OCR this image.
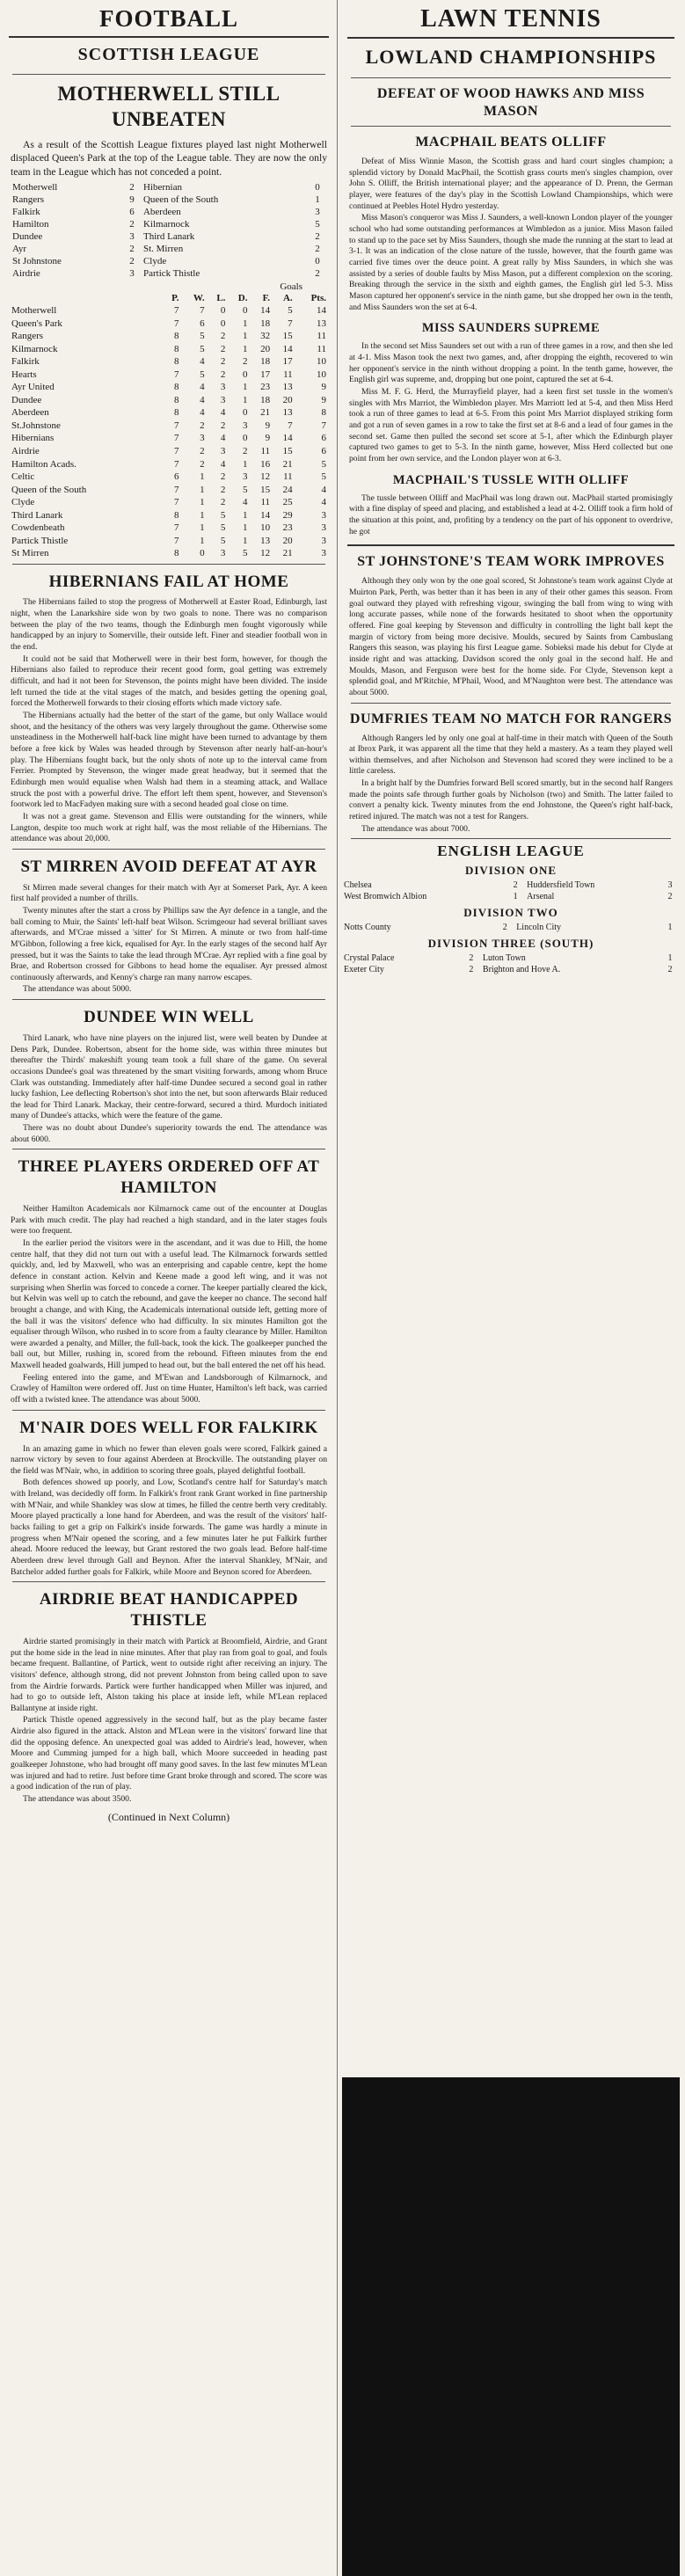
FOOTBALL
SCOTTISH LEAGUE
MOTHERWELL STILL UNBEATEN

As a result of the Scottish League fixtures played last night Motherwell displaced Queen's Park at the top of the League table. They are now the only team in the League which has not conceded a point.

Motherwell	2	Hibernian	0
Rangers	9	Queen of the South	1
Falkirk	6	Aberdeen	3
Hamilton	2	Kilmarnock	5
Dundee	3	Third Lanark	2
Ayr	2	St. Mirren	2
St Johnstone	2	Clyde	0
Airdrie	3	Partick Thistle	2
Goals
	P.	W.	L.	D.	F.	A.	Pts.
Motherwell	7	7	0	0	14	5	14
Queen's Park	7	6	0	1	18	7	13
Rangers	8	5	2	1	32	15	11
Kilmarnock	8	5	2	1	20	14	11
Falkirk	8	4	2	2	18	17	10
Hearts	7	5	2	0	17	11	10
Ayr United	8	4	3	1	23	13	9
Dundee	8	4	3	1	18	20	9
Aberdeen	8	4	4	0	21	13	8
St.Johnstone	7	2	2	3	9	7	7
Hibernians	7	3	4	0	9	14	6
Airdrie	7	2	3	2	11	15	6
Hamilton Acads.	7	2	4	1	16	21	5
Celtic	6	1	2	3	12	11	5
Queen of the South	7	1	2	5	15	24	4
Clyde	7	1	2	4	11	25	4
Third Lanark	8	1	5	1	14	29	3
Cowdenbeath	7	1	5	1	10	23	3
Partick Thistle	7	1	5	1	13	20	3
St Mirren	8	0	3	5	12	21	3
HIBERNIANS FAIL AT HOME

The Hibernians failed to stop the progress of Motherwell at Easter Road, Edinburgh, last night, when the Lanarkshire side won by two goals to none. There was no comparison between the play of the two teams, though the Edinburgh men fought vigorously while handicapped by an injury to Somerville, their outside left. Finer and steadier football won in the end.

It could not be said that Motherwell were in their best form, however, for though the Hibernians also failed to reproduce their recent good form, goal getting was extremely difficult, and had it not been for Stevenson, the points might have been divided. The inside left turned the tide at the vital stages of the match, and besides getting the opening goal, forced the Motherwell forwards to their closing efforts which made victory safe.

The Hibernians actually had the better of the start of the game, but only Wallace would shoot, and the hesitancy of the others was very largely throughout the game. Otherwise some unsteadiness in the Motherwell half-back line might have been turned to advantage by them before a free kick by Wales was headed through by Stevenson after nearly half-an-hour's play. The Hibernians fought back, but the only shots of note up to the interval came from Ferrier. Prompted by Stevenson, the winger made great headway, but it seemed that the Edinburgh men would equalise when Walsh had them in a steaming attack, and Wallace struck the post with a powerful drive. The effort left them spent, however, and Stevenson's footwork led to MacFadyen making sure with a second headed goal close on time.

It was not a great game. Stevenson and Ellis were outstanding for the winners, while Langton, despite too much work at right half, was the most reliable of the Hibernians. The attendance was about 20,000.

ST MIRREN AVOID DEFEAT AT AYR

St Mirren made several changes for their match with Ayr at Somerset Park, Ayr. A keen first half provided a number of thrills.

Twenty minutes after the start a cross by Phillips saw the Ayr defence in a tangle, and the ball coming to Muir, the Saints' left-half beat Wilson. Scrimgeour had several brilliant saves afterwards, and M'Crae missed a 'sitter' for St Mirren. A minute or two from half-time M'Gibbon, following a free kick, equalised for Ayr. In the early stages of the second half Ayr pressed, but it was the Saints to take the lead through M'Crae. Ayr replied with a fine goal by Brae, and Robertson crossed for Gibbons to head home the equaliser. Ayr pressed almost continuously afterwards, and Kenny's charge ran many narrow escapes.

The attendance was about 5000.

DUNDEE WIN WELL

Third Lanark, who have nine players on the injured list, were well beaten by Dundee at Dens Park, Dundee. Robertson, absent for the home side, was within three minutes but thereafter the Thirds' makeshift young team took a full share of the game. On several occasions Dundee's goal was threatened by the smart visiting forwards, among whom Bruce Clark was outstanding. Immediately after half-time Dundee secured a second goal in rather lucky fashion, Lee deflecting Robertson's shot into the net, but soon afterwards Blair reduced the lead for Third Lanark. Mackay, their centre-forward, secured a third. Murdoch initiated many of Dundee's attacks, which were the feature of the game.

There was no doubt about Dundee's superiority towards the end. The attendance was about 6000.

THREE PLAYERS ORDERED OFF AT HAMILTON

Neither Hamilton Academicals nor Kilmarnock came out of the encounter at Douglas Park with much credit. The play had reached a high standard, and in the later stages fouls were too frequent.

In the earlier period the visitors were in the ascendant, and it was due to Hill, the home centre half, that they did not turn out with a useful lead. The Kilmarnock forwards settled quickly, and, led by Maxwell, who was an enterprising and capable centre, kept the home defence in constant action. Kelvin and Keene made a good left wing, and it was not surprising when Sherlin was forced to concede a corner. The keeper partially cleared the kick, but Kelvin was well up to catch the rebound, and gave the keeper no chance. The second half brought a change, and with King, the Academicals international outside left, getting more of the ball it was the visitors' defence who had difficulty. In six minutes Hamilton got the equaliser through Wilson, who rushed in to score from a faulty clearance by Miller. Hamilton were awarded a penalty, and Miller, the full-back, took the kick. The goalkeeper punched the ball out, but Miller, rushing in, scored from the rebound. Fifteen minutes from the end Maxwell headed goalwards, Hill jumped to head out, but the ball entered the net off his head.

Feeling entered into the game, and M'Ewan and Landsborough of Kilmarnock, and Crawley of Hamilton were ordered off. Just on time Hunter, Hamilton's left back, was carried off with a twisted knee. The attendance was about 5000.

M'NAIR DOES WELL FOR FALKIRK

In an amazing game in which no fewer than eleven goals were scored, Falkirk gained a narrow victory by seven to four against Aberdeen at Brockville. The outstanding player on the field was M'Nair, who, in addition to scoring three goals, played delightful football.

Both defences showed up poorly, and Low, Scotland's centre half for Saturday's match with Ireland, was decidedly off form. In Falkirk's front rank Grant worked in fine partnership with M'Nair, and while Shankley was slow at times, he filled the centre berth very creditably. Moore played practically a lone hand for Aberdeen, and was the result of the visitors' half-backs failing to get a grip on Falkirk's inside forwards. The game was hardly a minute in progress when M'Nair opened the scoring, and a few minutes later he put Falkirk further ahead. Moore reduced the leeway, but Grant restored the two goals lead. Before half-time Aberdeen drew level through Gall and Beynon. After the interval Shankley, M'Nair, and Batchelor added further goals for Falkirk, while Moore and Beynon scored for Aberdeen.

AIRDRIE BEAT HANDICAPPED THISTLE

Airdrie started promisingly in their match with Partick at Broomfield, Airdrie, and Grant put the home side in the lead in nine minutes. After that play ran from goal to goal, and fouls became frequent. Ballantine, of Partick, went to outside right after receiving an injury. The visitors' defence, although strong, did not prevent Johnston from being called upon to save from the Airdrie forwards. Partick were further handicapped when Miller was injured, and had to go to outside left, Alston taking his place at inside left, while M'Lean replaced Ballantyne at inside right.

Partick Thistle opened aggressively in the second half, but as the play became faster Airdrie also figured in the attack. Alston and M'Lean were in the visitors' forward line that did the opposing defence. An unexpected goal was added to Airdrie's lead, however, when Moore and Cumming jumped for a high ball, which Moore succeeded in heading past goalkeeper Johnstone, who had brought off many good saves. In the last few minutes M'Lean was injured and had to retire. Just before time Grant broke through and scored. The score was a good indication of the run of play.

The attendance was about 3500.

(Continued in Next Column)
LAWN TENNIS
LOWLAND CHAMPIONSHIPS
DEFEAT OF WOOD HAWKS AND MISS MASON
MACPHAIL BEATS OLLIFF

Defeat of Miss Winnie Mason, the Scottish grass and hard court singles champion; a splendid victory by Donald MacPhail, the Scottish grass courts men's singles champion, over John S. Olliff, the British international player; and the appearance of D. Prenn, the German player, were features of the day's play in the Scottish Lowland Championships, which were continued at Peebles Hotel Hydro yesterday.

Miss Mason's conqueror was Miss J. Saunders, a well-known London player of the younger school who had some outstanding performances at Wimbledon as a junior. Miss Mason failed to stand up to the pace set by Miss Saunders, though she made the running at the start to lead at 3-1. It was an indication of the close nature of the tussle, however, that the fourth game was carried five times over the deuce point. A great rally by Miss Saunders, in which she was assisted by a series of double faults by Miss Mason, put a different complexion on the scoring. Breaking through the service in the sixth and eighth games, the English girl led 5-3. Miss Mason captured her opponent's service in the ninth game, but she dropped her own in the tenth, and Miss Saunders won the set at 6-4.

MISS SAUNDERS SUPREME

In the second set Miss Saunders set out with a run of three games in a row, and then she led at 4-1. Miss Mason took the next two games, and, after dropping the eighth, recovered to win her opponent's service in the ninth without dropping a point. In the tenth game, however, the English girl was supreme, and, dropping but one point, captured the set at 6-4.

Miss M. F. G. Herd, the Murrayfield player, had a keen first set tussle in the women's singles with Mrs Marriot, the Wimbledon player. Mrs Marriott led at 5-4, and then Miss Herd took a run of three games to lead at 6-5. From this point Mrs Marriot displayed striking form and got a run of seven games in a row to take the first set at 8-6 and a lead of four games in the second set. Game then pulled the second set score at 5-1, after which the Edinburgh player captured two games to get to 5-3. In the ninth game, however, Miss Herd collected but one point from her own service, and the London player won at 6-3.

MACPHAIL'S TUSSLE WITH OLLIFF

The tussle between Olliff and MacPhail was long drawn out. MacPhail started promisingly with a fine display of speed and placing, and established a lead at 4-2. Olliff took a firm hold of the situation at this point, and, profiting by a tendency on the part of his opponent to overdrive, he got

ST JOHNSTONE'S TEAM WORK IMPROVES

Although they only won by the one goal scored, St Johnstone's team work against Clyde at Muirton Park, Perth, was better than it has been in any of their other games this season. From goal outward they played with refreshing vigour, swinging the ball from wing to wing with long accurate passes, while none of the forwards hesitated to shoot when the opportunity offered. Fine goal keeping by Stevenson and difficulty in controlling the light ball kept the margin of victory from being more decisive. Moulds, secured by Saints from Cambuslang Rangers this season, was playing his first League game. Sobieksi made his debut for Clyde at inside right and was attacking. Davidson scored the only goal in the second half. He and Moulds, Mason, and Ferguson were best for the home side. For Clyde, Stevenson kept a splendid goal, and M'Ritchie, M'Phail, Wood, and M'Naughton were best. The attendance was about 5000.

DUMFRIES TEAM NO MATCH FOR RANGERS

Although Rangers led by only one goal at half-time in their match with Queen of the South at Ibrox Park, it was apparent all the time that they held a mastery. As a team they played well within themselves, and after Nicholson and Stevenson had scored they were inclined to be a little careless.

In a bright half by the Dumfries forward Bell scored smartly, but in the second half Rangers made the points safe through further goals by Nicholson (two) and Smith. The latter failed to convert a penalty kick. Twenty minutes from the end Johnstone, the Queen's right half-back, retired injured. The match was not a test for Rangers.

The attendance was about 7000.

ENGLISH LEAGUE
DIVISION ONE
Chelsea	2	Huddersfield Town	3
West Bromwich Albion	1	Arsenal	2
DIVISION TWO
Notts County	2	Lincoln City	1
DIVISION THREE (SOUTH)
Crystal Palace	2	Luton Town	1
Exeter City	2	Brighton and Hove A.	2
